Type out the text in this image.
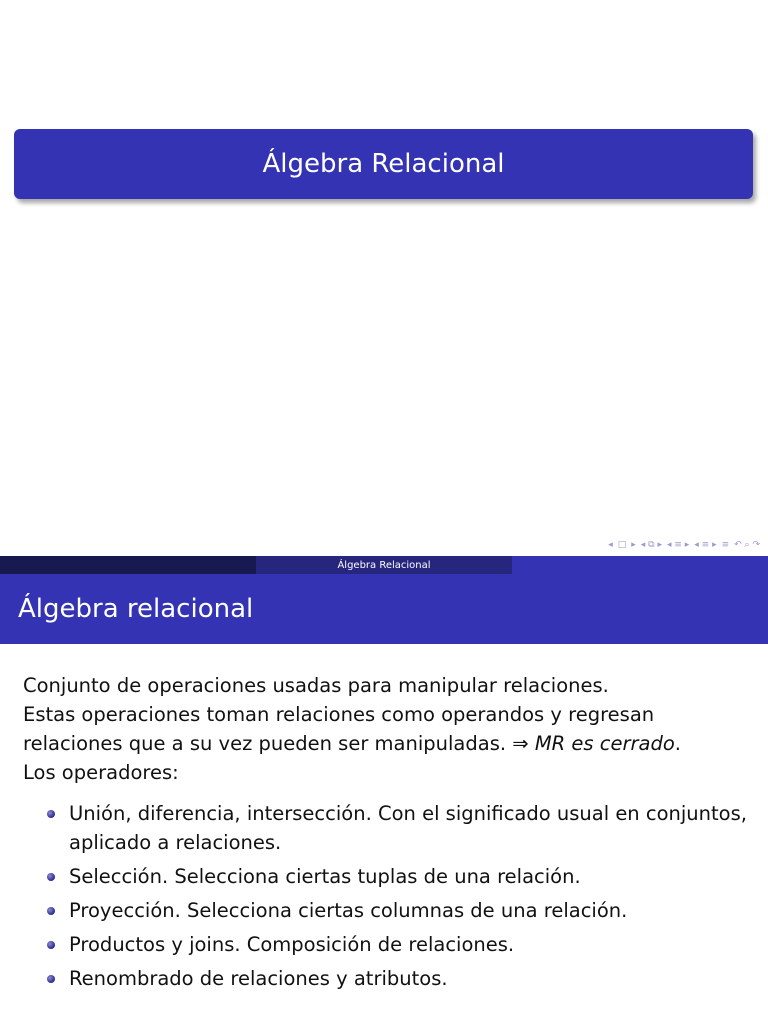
Álgebra Relacional
◂ □ ▸ ◂ ⧉ ▸ ◂ ≡ ▸ ◂ ≡ ▸ ≡ ↶ ⌕ ↷
Álgebra Relacional
Álgebra relacional

Conjunto de operaciones usadas para manipular relaciones.

Estas operaciones toman relaciones como operandos y regresan relaciones que a su vez pueden ser manipuladas. ⇒ MR es cerrado.

Los operadores:

Unión, diferencia, intersección. Con el significado usual en conjuntos, aplicado a relaciones.
Selección. Selecciona ciertas tuplas de una relación.
Proyección. Selecciona ciertas columnas de una relación.
Productos y joins. Composición de relaciones.
Renombrado de relaciones y atributos.
